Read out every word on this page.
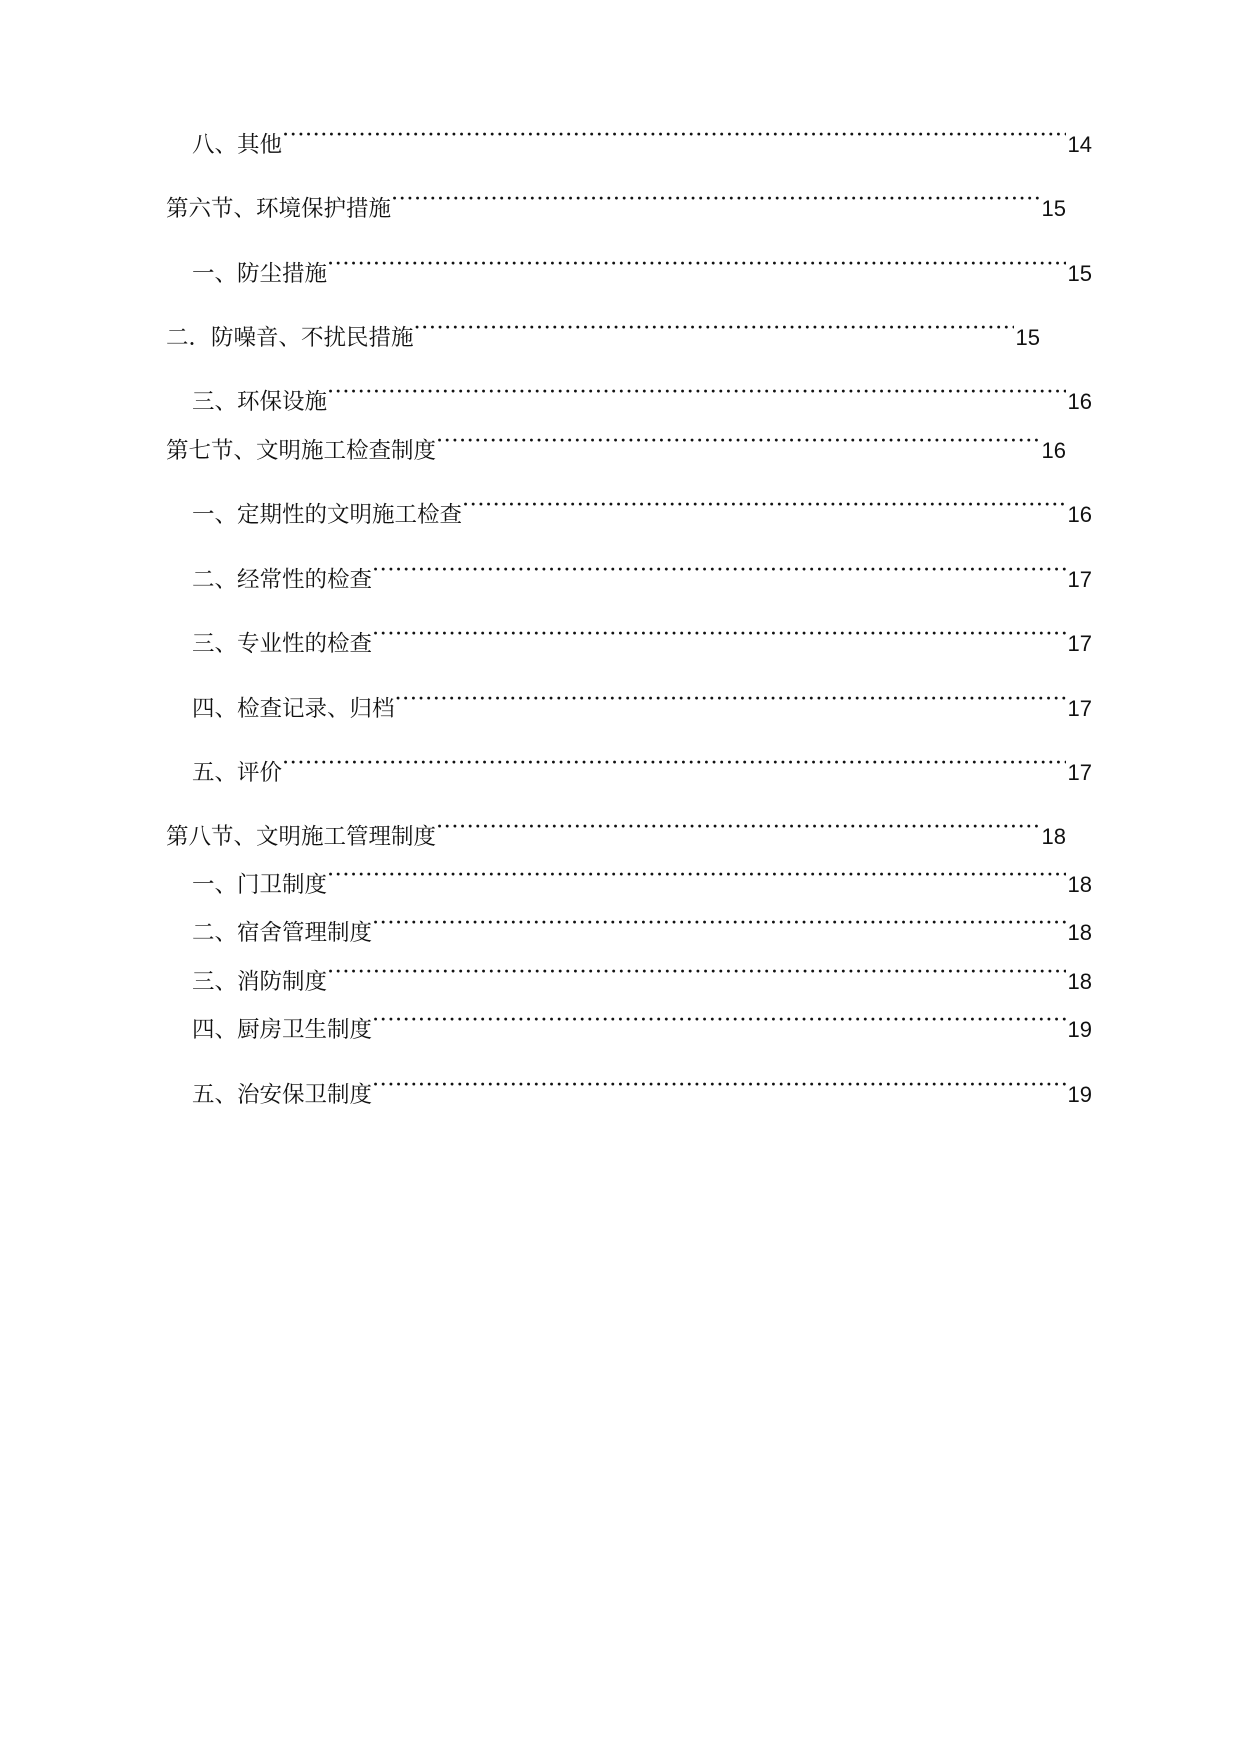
八、其他 ·····	14
第六节、环境保护措施 ·····	15
一、防尘措施 ·····	15
二．防噪音、不扰民措施 ·····	15
三、环保设施 ·····	16
第七节、文明施工检查制度 ·····	16
一、定期性的文明施工检查 ·····	16
二、经常性的检查 ·····	17
三、专业性的检查 ·····	17
四、检查记录、归档 ·····	17
五、评价 ·····	17
第八节、文明施工管理制度 ·····	18
一、门卫制度 ·····	18
二、宿舍管理制度 ·····	18
三、消防制度 ·····	18
四、厨房卫生制度 ·····	19
五、治安保卫制度 ·····	19
